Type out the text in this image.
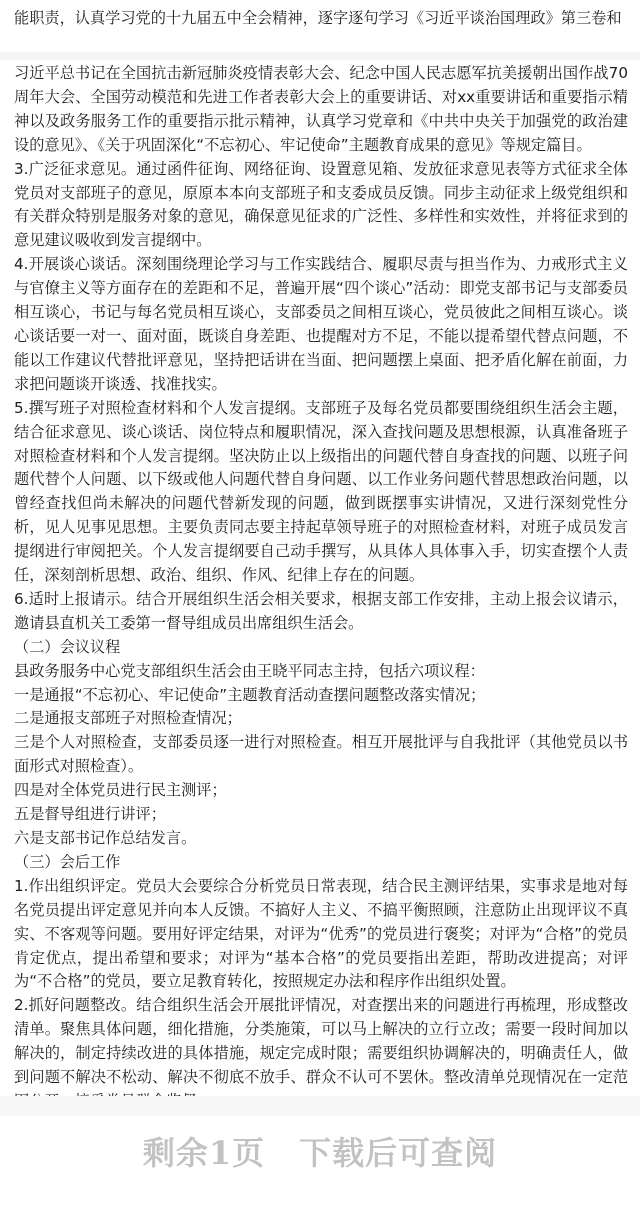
能职责，认真学习党的十九届五中全会精神，逐字逐句学习《习近平谈治国理政》第三卷和

习近平总书记在全国抗击新冠肺炎疫情表彰大会、纪念中国人民志愿军抗美援朝出国作战70周年大会、全国劳动模范和先进工作者表彰大会上的重要讲话、对xx重要讲话和重要指示精神以及政务服务工作的重要指示批示精神，认真学习党章和《中共中央关于加强党的政治建设的意见》、《关于巩固深化“不忘初心、牢记使命”主题教育成果的意见》等规定篇目。

3.广泛征求意见。通过函件征询、网络征询、设置意见箱、发放征求意见表等方式征求全体党员对支部班子的意见，原原本本向支部班子和支委成员反馈。同步主动征求上级党组织和有关群众特别是服务对象的意见，确保意见征求的广泛性、多样性和实效性，并将征求到的意见建议吸收到发言提纲中。

4.开展谈心谈话。深刻围绕理论学习与工作实践结合、履职尽责与担当作为、力戒形式主义与官僚主义等方面存在的差距和不足，普遍开展“四个谈心”活动：即党支部书记与支部委员相互谈心，书记与每名党员相互谈心，支部委员之间相互谈心，党员彼此之间相互谈心。谈心谈话要一对一、面对面，既谈自身差距、也提醒对方不足，不能以提希望代替点问题，不能以工作建议代替批评意见，坚持把话讲在当面、把问题摆上桌面、把矛盾化解在前面，力求把问题谈开谈透、找准找实。

5.撰写班子对照检查材料和个人发言提纲。支部班子及每名党员都要围绕组织生活会主题，结合征求意见、谈心谈话、岗位特点和履职情况，深入查找问题及思想根源，认真准备班子对照检查材料和个人发言提纲。坚决防止以上级指出的问题代替自身查找的问题、以班子问题代替个人问题、以下级或他人问题代替自身问题、以工作业务问题代替思想政治问题，以曾经查找但尚未解决的问题代替新发现的问题，做到既摆事实讲情况，又进行深刻党性分析，见人见事见思想。主要负责同志要主持起草领导班子的对照检查材料，对班子成员发言提纲进行审阅把关。个人发言提纲要自己动手撰写，从具体人具体事入手，切实查摆个人责任，深刻剖析思想、政治、组织、作风、纪律上存在的问题。

6.适时上报请示。结合开展组织生活会相关要求，根据支部工作安排，主动上报会议请示，邀请县直机关工委第一督导组成员出席组织生活会。

（二）会议议程

县政务服务中心党支部组织生活会由王晓平同志主持，包括六项议程：

一是通报“不忘初心、牢记使命”主题教育活动查摆问题整改落实情况；

二是通报支部班子对照检查情况；

三是个人对照检查，支部委员逐一进行对照检查。相互开展批评与自我批评（其他党员以书面形式对照检查）。

四是对全体党员进行民主测评；

五是督导组进行讲评；

六是支部书记作总结发言。

（三）会后工作

1.作出组织评定。党员大会要综合分析党员日常表现，结合民主测评结果，实事求是地对每名党员提出评定意见并向本人反馈。不搞好人主义、不搞平衡照顾，注意防止出现评议不真实、不客观等问题。要用好评定结果，对评为“优秀”的党员进行褒奖；对评为“合格”的党员肯定优点，提出希望和要求；对评为“基本合格”的党员要指出差距，帮助改进提高；对评为“不合格”的党员，要立足教育转化，按照规定办法和程序作出组织处置。

2.抓好问题整改。结合组织生活会开展批评情况，对查摆出来的问题进行再梳理，形成整改清单。聚焦具体问题，细化措施，分类施策，可以马上解决的立行立改；需要一段时间加以解决的，制定持续改进的具体措施，规定完成时限；需要组织协调解决的，明确责任人，做到问题不解决不松动、解决不彻底不放手、群众不认可不罢休。整改清单兑现情况在一定范

剩余1页 下载后可查阅
